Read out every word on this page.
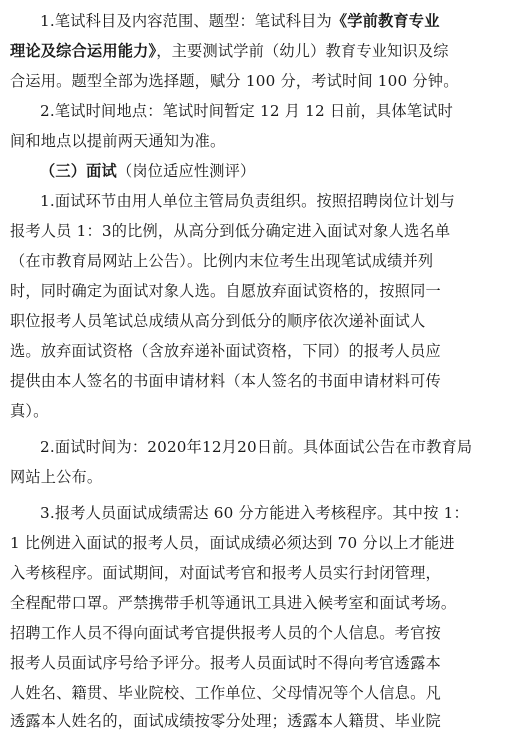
1.笔试科目及内容范围、题型：笔试科目为《学前教育专业
理论及综合运用能力》，主要测试学前（幼儿）教育专业知识及综
合运用。题型全部为选择题，赋分 100 分，考试时间 100 分钟。
2.笔试时间地点：笔试时间暂定 12 月 12 日前，具体笔试时
间和地点以提前两天通知为准。
（三）面试（岗位适应性测评）
1.面试环节由用人单位主管局负责组织。按照招聘岗位计划与
报考人员 1：3的比例，从高分到低分确定进入面试对象人选名单
（在市教育局网站上公告）。比例内末位考生出现笔试成绩并列
时，同时确定为面试对象人选。自愿放弃面试资格的，按照同一
职位报考人员笔试总成绩从高分到低分的顺序依次递补面试人
选。放弃面试资格（含放弃递补面试资格，下同）的报考人员应
提供由本人签名的书面申请材料（本人签名的书面申请材料可传
真）。
2.面试时间为：2020年12月20日前。具体面试公告在市教育局
网站上公布。
3.报考人员面试成绩需达 60 分方能进入考核程序。其中按 1：
1 比例进入面试的报考人员，面试成绩必须达到 70 分以上才能进
入考核程序。面试期间，对面试考官和报考人员实行封闭管理，
全程配带口罩。严禁携带手机等通讯工具进入候考室和面试考场。
招聘工作人员不得向面试考官提供报考人员的个人信息。考官按
报考人员面试序号给予评分。报考人员面试时不得向考官透露本
人姓名、籍贯、毕业院校、工作单位、父母情况等个人信息。凡
透露本人姓名的，面试成绩按零分处理；透露本人籍贯、毕业院
